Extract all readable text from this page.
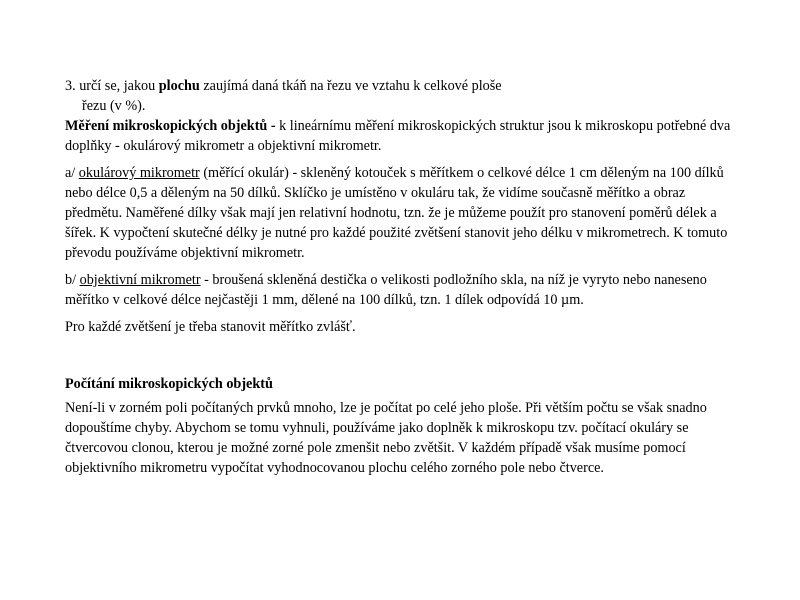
3. určí se, jakou plochu zaujímá daná tkáň na řezu ve vztahu k celkové ploše
řezu (v %).

Měření mikroskopických objektů - k lineárnímu měření mikroskopických struktur jsou k mikroskopu potřebné dva doplňky - okulárový mikrometr a objektivní mikrometr.

a/ okulárový mikrometr (měřící okulár) - skleněný kotouček s měřítkem o celkové délce 1 cm děleným na 100 dílků nebo délce 0,5 a děleným na 50 dílků. Sklíčko je umístěno v okuláru tak, že vidíme současně měřítko a obraz předmětu. Naměřené dílky však mají jen relativní hodnotu, tzn. že je můžeme použít pro stanovení poměrů délek a šířek. K vypočtení skutečné délky je nutné pro každé použité zvětšení stanovit jeho délku v mikrometrech. K tomuto převodu používáme objektivní mikrometr.

b/ objektivní mikrometr - broušená skleněná destička o velikosti podložního skla, na níž je vyryto nebo naneseno měřítko v celkové délce nejčastěji 1 mm, dělené na 100 dílků, tzn. 1 dílek odpovídá 10 µm.

Pro každé zvětšení je třeba stanovit měřítko zvlášť.

Počítání mikroskopických objektů

Není-li v zorném poli počítaných prvků mnoho, lze je počítat po celé jeho ploše. Při větším počtu se však snadno dopouštíme chyby. Abychom se tomu vyhnuli, používáme jako doplněk k mikroskopu tzv. počítací okuláry se čtvercovou clonou, kterou je možné zorné pole zmenšit nebo zvětšit. V každém případě však musíme pomocí objektivního mikrometru vypočítat vyhodnocovanou plochu celého zorného pole nebo čtverce.
